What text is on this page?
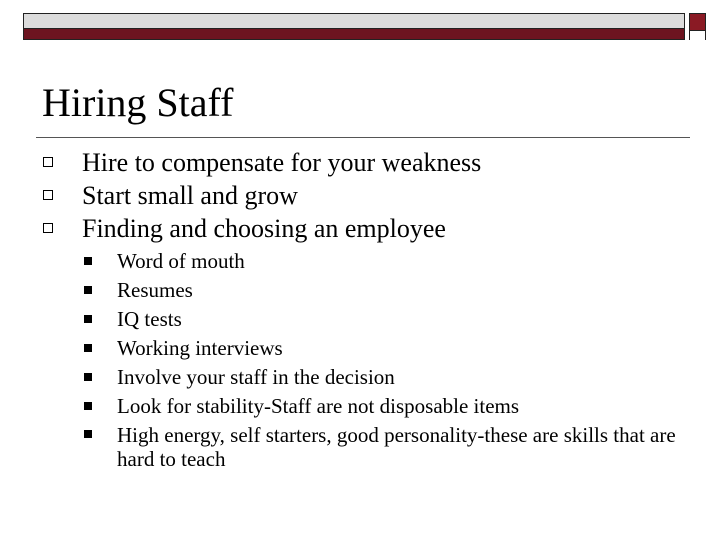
Hiring Staff
Hire to compensate for your weakness
Start small and grow
Finding and choosing an employee
Word of mouth
Resumes
IQ tests
Working interviews
Involve your staff in the decision
Look for stability-Staff are not disposable items
High energy, self starters, good personality-these are skills that are hard to teach
